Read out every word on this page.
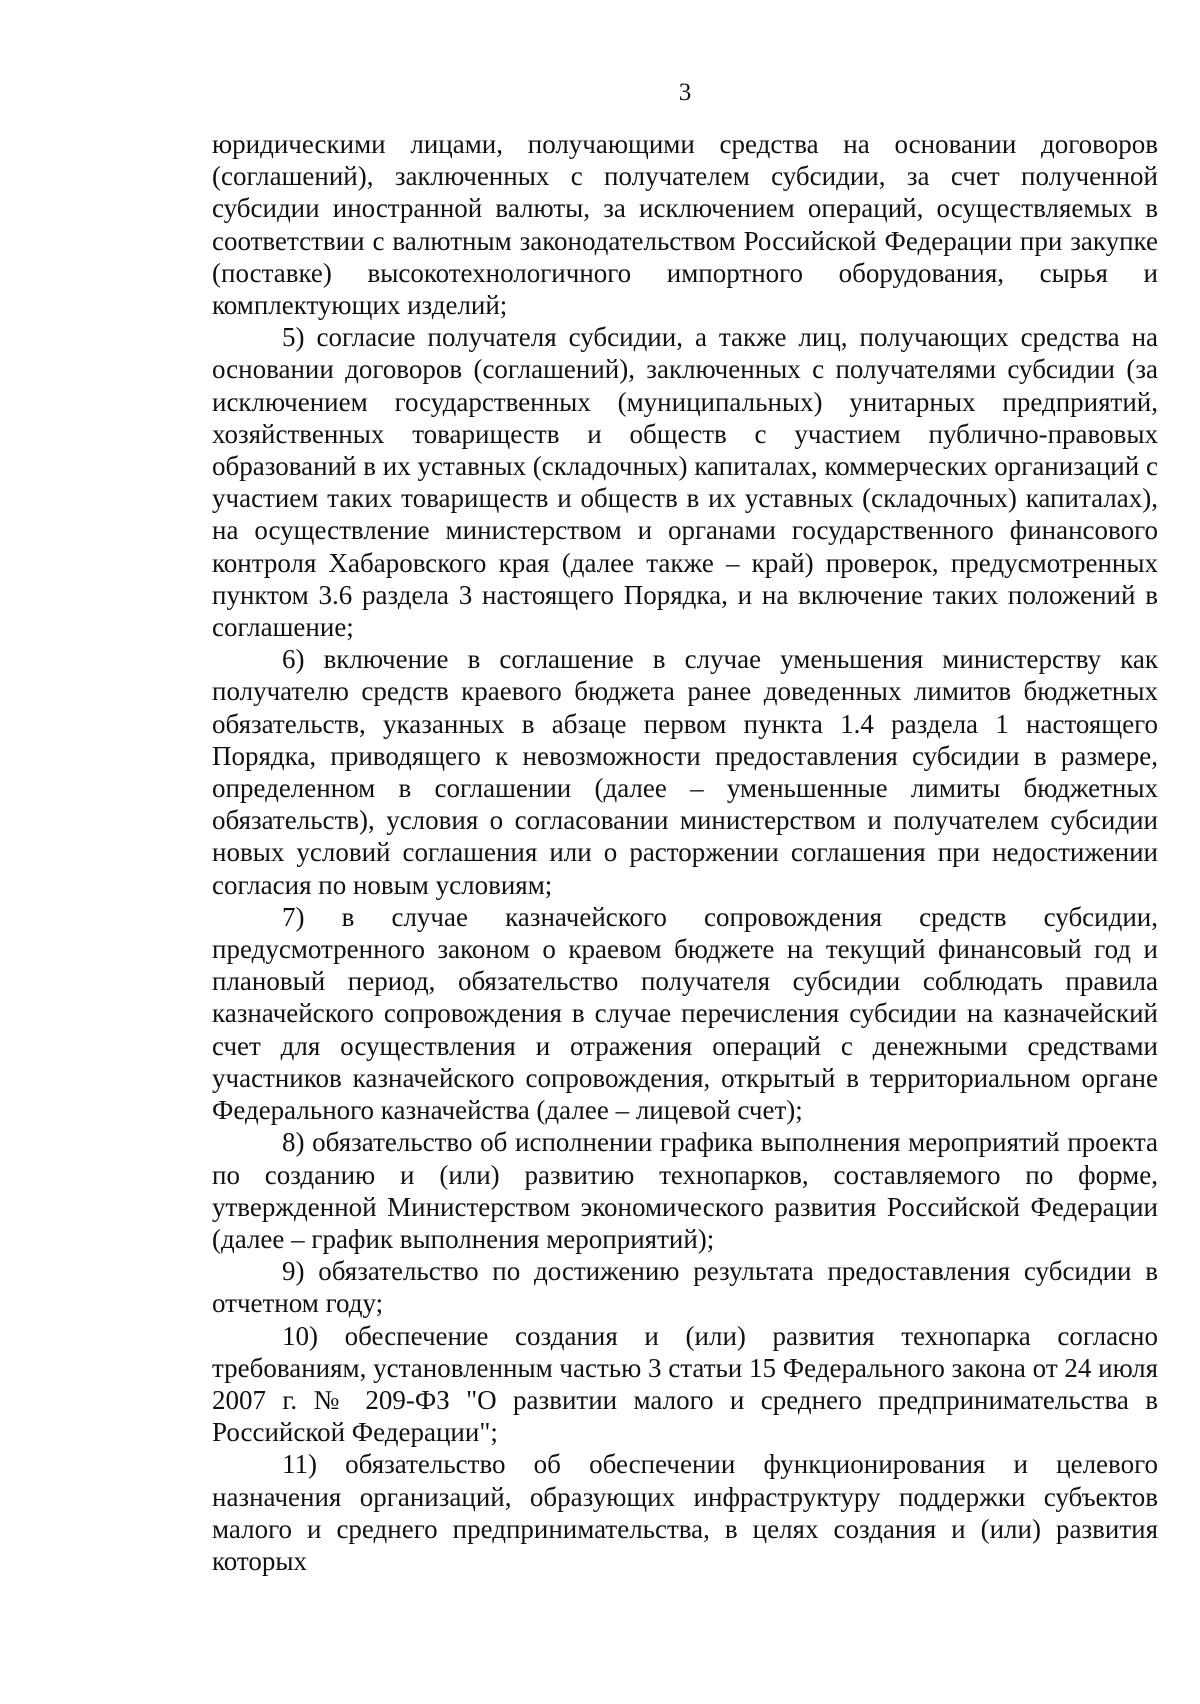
3

юридическими лицами, получающими средства на основании договоров (соглашений), заключенных с получателем субсидии, за счет полученной субсидии иностранной валюты, за исключением операций, осуществляемых в соответствии с валютным законодательством Российской Федерации при закупке (поставке) высокотехнологичного импортного оборудования, сырья и комплектующих изделий;

5) согласие получателя субсидии, а также лиц, получающих средства на основании договоров (соглашений), заключенных с получателями субсидии (за исключением государственных (муниципальных) унитарных предприятий, хозяйственных товариществ и обществ с участием публично-правовых образований в их уставных (складочных) капиталах, коммерческих организаций с участием таких товариществ и обществ в их уставных (складочных) капиталах), на осуществление министерством и органами государственного финансового контроля Хабаровского края (далее также – край) проверок, предусмотренных пунктом 3.6 раздела 3 настоящего Порядка, и на включение таких положений в соглашение;

6) включение в соглашение в случае уменьшения министерству как получателю средств краевого бюджета ранее доведенных лимитов бюджетных обязательств, указанных в абзаце первом пункта 1.4 раздела 1 настоящего Порядка, приводящего к невозможности предоставления субсидии в размере, определенном в соглашении (далее – уменьшенные лимиты бюджетных обязательств), условия о согласовании министерством и получателем субсидии новых условий соглашения или о расторжении соглашения при недостижении согласия по новым условиям;

7) в случае казначейского сопровождения средств субсидии, предусмотренного законом о краевом бюджете на текущий финансовый год и плановый период, обязательство получателя субсидии соблюдать правила казначейского сопровождения в случае перечисления субсидии на казначейский счет для осуществления и отражения операций с денежными средствами участников казначейского сопровождения, открытый в территориальном органе Федерального казначейства (далее – лицевой счет);

8) обязательство об исполнении графика выполнения мероприятий проекта по созданию и (или) развитию технопарков, составляемого по форме, утвержденной Министерством экономического развития Российской Федерации (далее – график выполнения мероприятий);

9) обязательство по достижению результата предоставления субсидии в отчетном году;

10) обеспечение создания и (или) развития технопарка согласно требованиям, установленным частью 3 статьи 15 Федерального закона от 24 июля 2007 г. № 209-ФЗ "О развитии малого и среднего предпринимательства в Российской Федерации";

11) обязательство об обеспечении функционирования и целевого назначения организаций, образующих инфраструктуру поддержки субъектов малого и среднего предпринимательства, в целях создания и (или) развития которых
